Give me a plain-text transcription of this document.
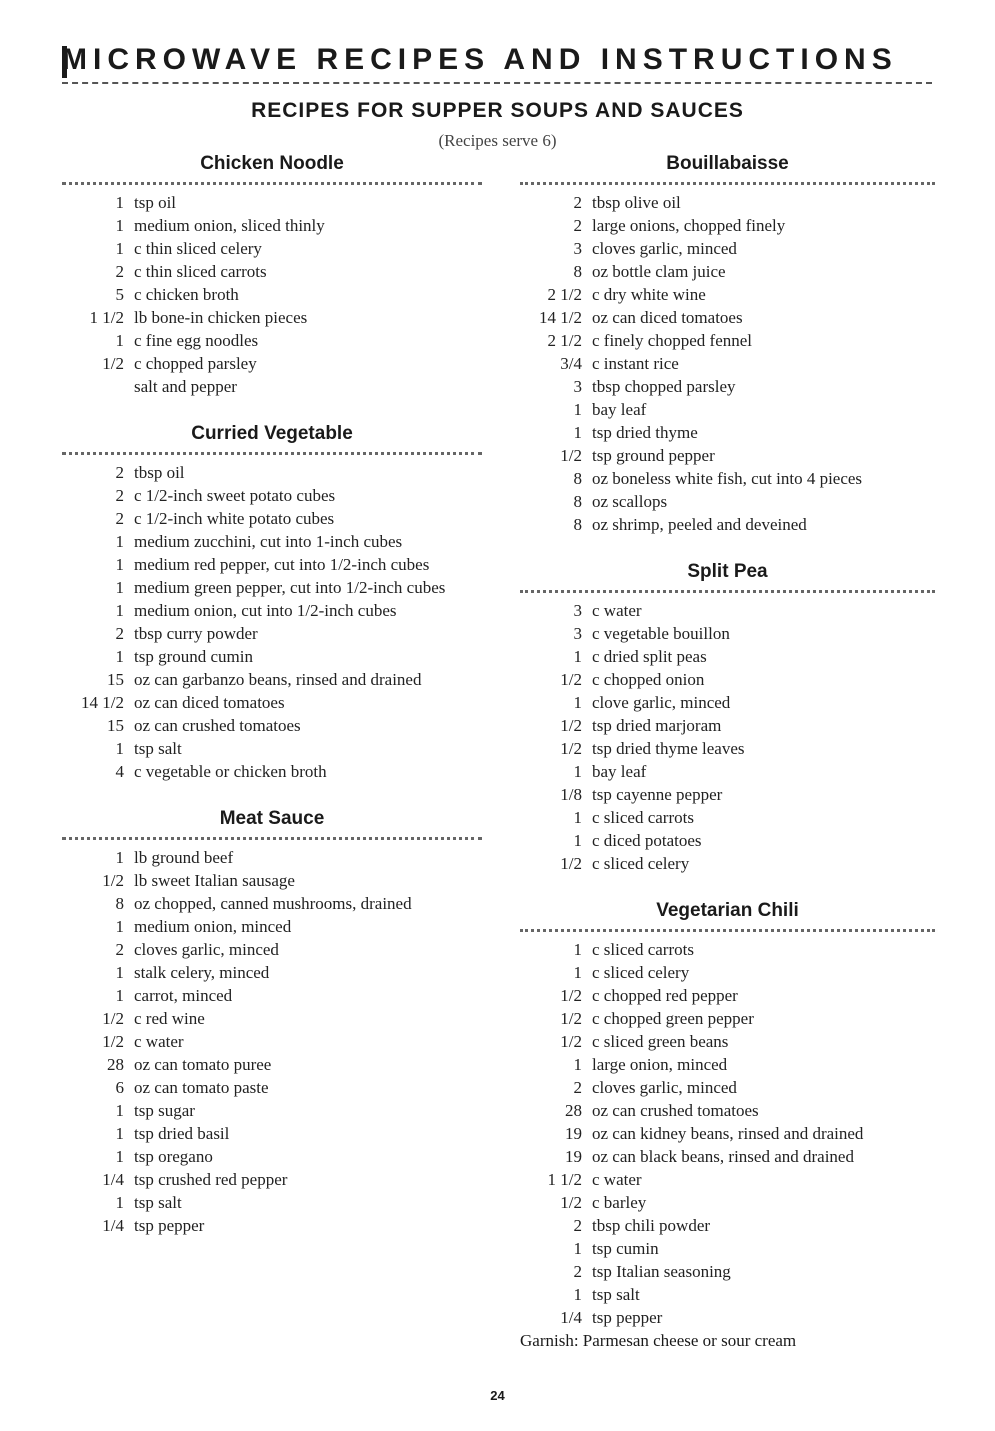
MICROWAVE RECIPES AND INSTRUCTIONS
RECIPES FOR SUPPER SOUPS AND SAUCES
(Recipes serve 6)
Chicken Noodle
1 tsp oil
1 medium onion, sliced thinly
1 c thin sliced celery
2 c thin sliced carrots
5 c chicken broth
1 1/2 lb bone-in chicken pieces
1 c fine egg noodles
1/2 c chopped parsley
salt and pepper
Curried Vegetable
2 tbsp oil
2 c 1/2-inch sweet potato cubes
2 c 1/2-inch white potato cubes
1 medium zucchini, cut into 1-inch cubes
1 medium red pepper, cut into 1/2-inch cubes
1 medium green pepper, cut into 1/2-inch cubes
1 medium onion, cut into 1/2-inch cubes
2 tbsp curry powder
1 tsp ground cumin
15 oz can garbanzo beans, rinsed and drained
14 1/2 oz can diced tomatoes
15 oz can crushed tomatoes
1 tsp salt
4 c vegetable or chicken broth
Meat Sauce
1 lb ground beef
1/2 lb sweet Italian sausage
8 oz chopped, canned mushrooms, drained
1 medium onion, minced
2 cloves garlic, minced
1 stalk celery, minced
1 carrot, minced
1/2 c red wine
1/2 c water
28 oz can tomato puree
6 oz can tomato paste
1 tsp sugar
1 tsp dried basil
1 tsp oregano
1/4 tsp crushed red pepper
1 tsp salt
1/4 tsp pepper
Bouillabaisse
2 tbsp olive oil
2 large onions, chopped finely
3 cloves garlic, minced
8 oz bottle clam juice
2 1/2 c dry white wine
14 1/2 oz can diced tomatoes
2 1/2 c finely chopped fennel
3/4 c instant rice
3 tbsp chopped parsley
1 bay leaf
1 tsp dried thyme
1/2 tsp ground pepper
8 oz boneless white fish, cut into 4 pieces
8 oz scallops
8 oz shrimp, peeled and deveined
Split Pea
3 c water
3 c vegetable bouillon
1 c dried split peas
1/2 c chopped onion
1 clove garlic, minced
1/2 tsp dried marjoram
1/2 tsp dried thyme leaves
1 bay leaf
1/8 tsp cayenne pepper
1 c sliced carrots
1 c diced potatoes
1/2 c sliced celery
Vegetarian Chili
1 c sliced carrots
1 c sliced celery
1/2 c chopped red pepper
1/2 c chopped green pepper
1/2 c sliced green beans
1 large onion, minced
2 cloves garlic, minced
28 oz can crushed tomatoes
19 oz can kidney beans, rinsed and drained
19 oz can black beans, rinsed and drained
1 1/2 c water
1/2 c barley
2 tbsp chili powder
1 tsp cumin
2 tsp Italian seasoning
1 tsp salt
1/4 tsp pepper
Garnish: Parmesan cheese or sour cream
24
